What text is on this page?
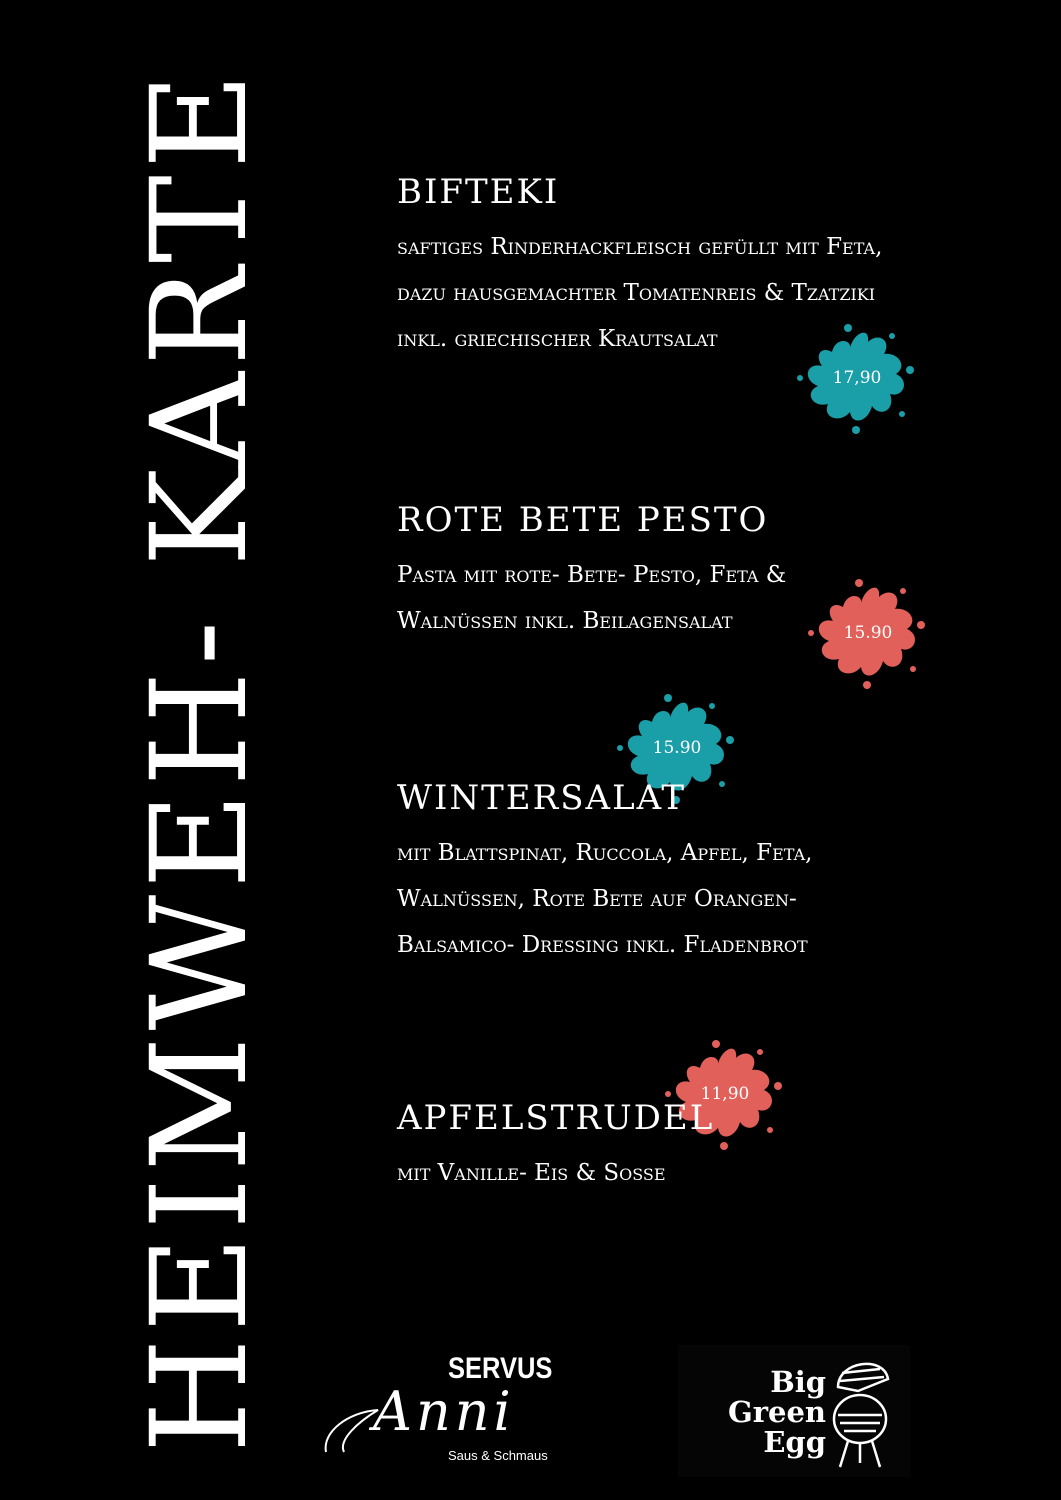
HEIMWEH- KARTE	BIFTEKI
saftiges Rinderhackfleisch gefüllt mit Feta,
dazu hausgemachter Tomatenreis & Tzatziki
inkl. griechischer Krautsalat
17,90
ROTE BETE PESTO
Pasta mit rote- Bete- Pesto, Feta &
Walnüssen inkl. Beilagensalat	15.90
15.90
WINTERSALAT
mit Blattspinat, Ruccola, Apfel, Feta,
Walnüssen, Rote Bete auf Orangen-
Balsamico- Dressing inkl. Fladenbrot
11,90
APFELSTRUDEL
mit Vanille- Eis & Soße
SERVUS
Anni
Saus & Schmaus
Big
Green
Egg
